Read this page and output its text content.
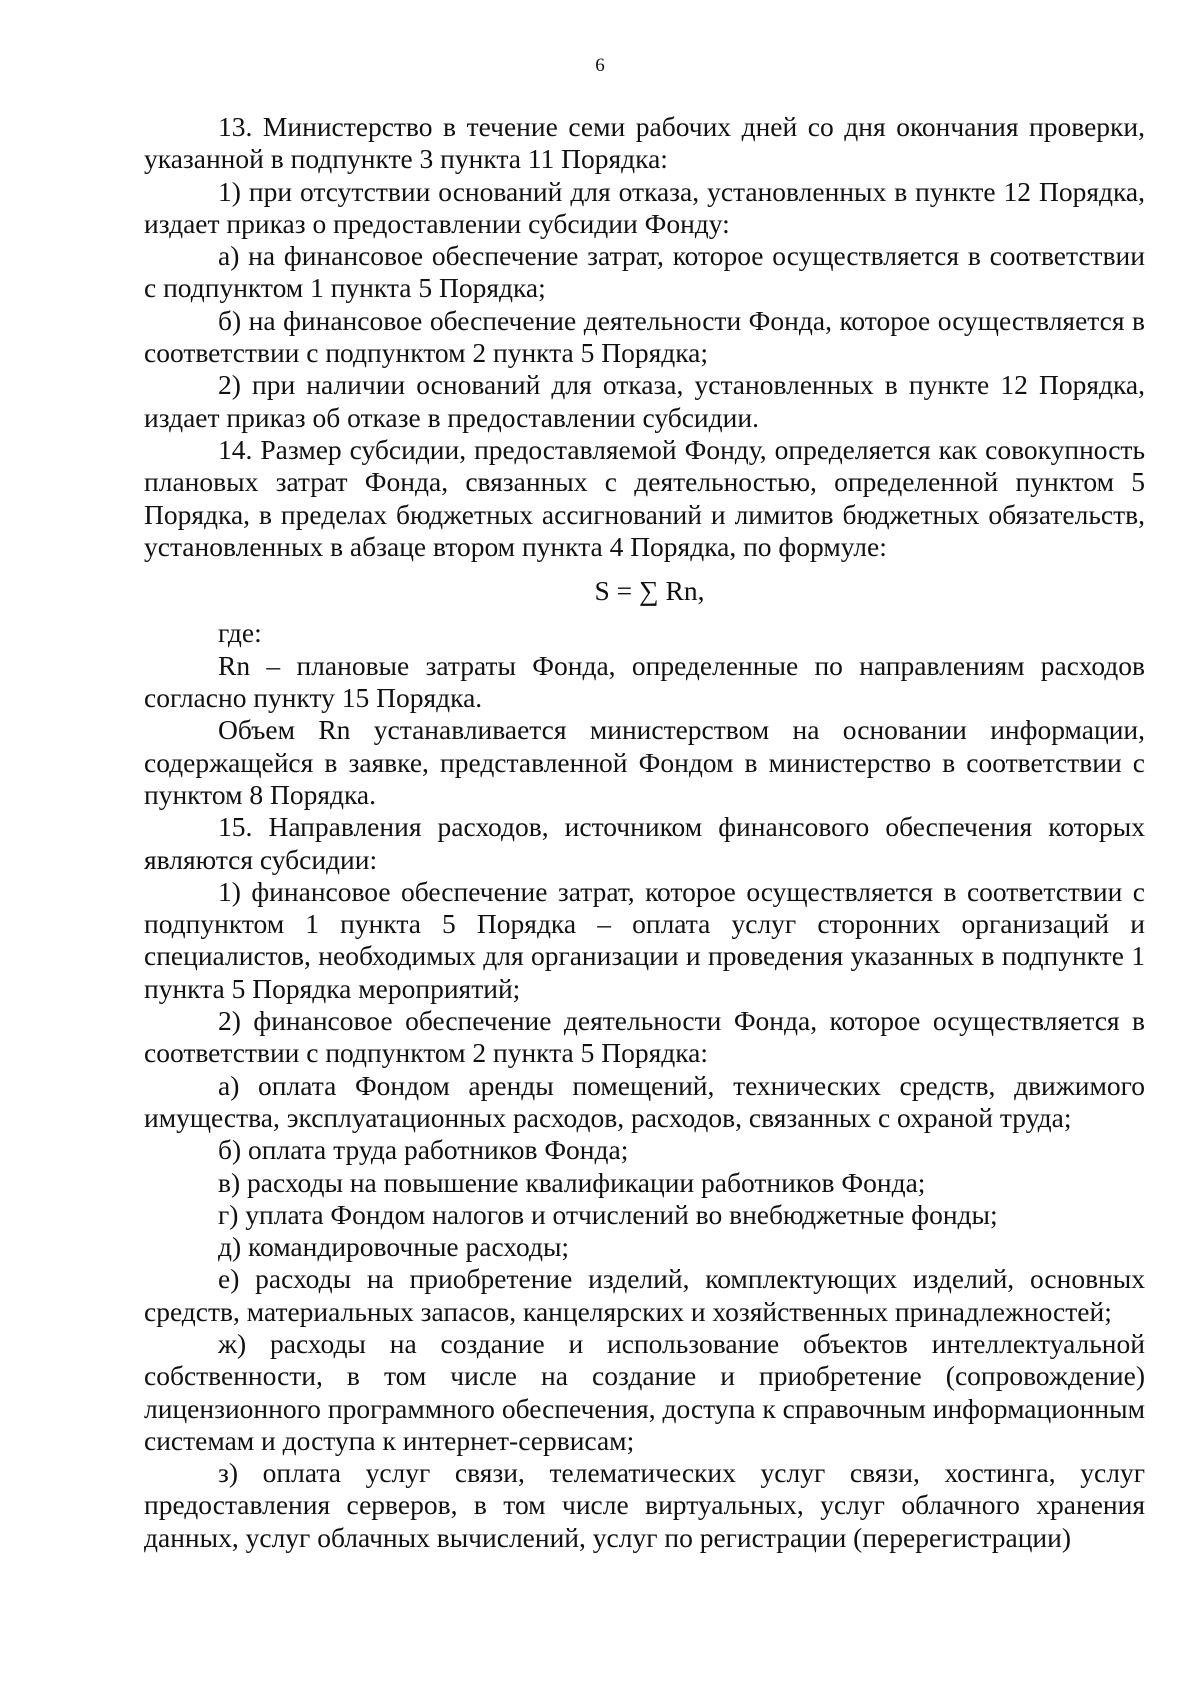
6

13. Министерство в течение семи рабочих дней со дня окончания проверки, указанной в подпункте 3 пункта 11 Порядка:

1) при отсутствии оснований для отказа, установленных в пункте 12 Порядка, издает приказ о предоставлении субсидии Фонду:

а) на финансовое обеспечение затрат, которое осуществляется в соответствии с подпунктом 1 пункта 5 Порядка;

б) на финансовое обеспечение деятельности Фонда, которое осуществляется в соответствии с подпунктом 2 пункта 5 Порядка;

2) при наличии оснований для отказа, установленных в пункте 12 Порядка, издает приказ об отказе в предоставлении субсидии.

14. Размер субсидии, предоставляемой Фонду, определяется как совокупность плановых затрат Фонда, связанных с деятельностью, определенной пунктом 5 Порядка, в пределах бюджетных ассигнований и лимитов бюджетных обязательств, установленных в абзаце втором пункта 4 Порядка, по формуле:

S = ∑ Rn,

где:

Rn – плановые затраты Фонда, определенные по направлениям расходов согласно пункту 15 Порядка.

Объем Rn устанавливается министерством на основании информации, содержащейся в заявке, представленной Фондом в министерство в соответствии с пунктом 8 Порядка.

15. Направления расходов, источником финансового обеспечения которых являются субсидии:

1) финансовое обеспечение затрат, которое осуществляется в соответствии с подпунктом 1 пункта 5 Порядка – оплата услуг сторонних организаций и специалистов, необходимых для организации и проведения указанных в подпункте 1 пункта 5 Порядка мероприятий;

2) финансовое обеспечение деятельности Фонда, которое осуществляется в соответствии с подпунктом 2 пункта 5 Порядка:

а) оплата Фондом аренды помещений, технических средств, движимого имущества, эксплуатационных расходов, расходов, связанных с охраной труда;

б) оплата труда работников Фонда;

в) расходы на повышение квалификации работников Фонда;

г) уплата Фондом налогов и отчислений во внебюджетные фонды;

д) командировочные расходы;

е) расходы на приобретение изделий, комплектующих изделий, основных средств, материальных запасов, канцелярских и хозяйственных принадлежностей;

ж) расходы на создание и использование объектов интеллектуальной собственности, в том числе на создание и приобретение (сопровождение) лицензионного программного обеспечения, доступа к справочным информационным системам и доступа к интернет-сервисам;

з) оплата услуг связи, телематических услуг связи, хостинга, услуг предоставления серверов, в том числе виртуальных, услуг облачного хранения данных, услуг облачных вычислений, услуг по регистрации (перерегистрации)
